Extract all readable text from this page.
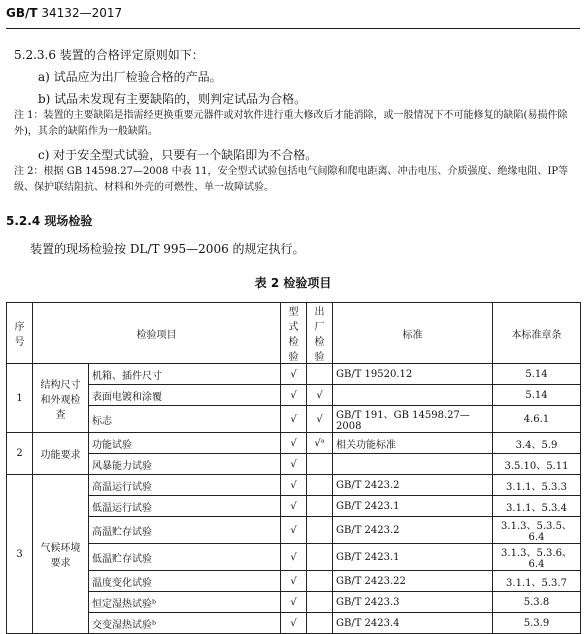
GB/T 34132—2017
5.2.3.6 装置的合格评定原则如下：
a) 试品应为出厂检验合格的产品。
b) 试品未发现有主要缺陷的，则判定试品为合格。
注 1：装置的主要缺陷是指需经更换重要元器件或对软件进行重大修改后才能消除，或一般情况下不可能修复的缺陷(易损件除外)，其余的缺陷作为一般缺陷。
c) 对于安全型式试验，只要有一个缺陷即为不合格。
注 2：根据 GB 14598.27—2008 中表 11，安全型式试验包括电气间隙和爬电距离、冲击电压、介质强度、绝缘电阻、IP等级、保护联结阻抗、材料和外壳的可燃性、单一故障试验。
5.2.4 现场检验
装置的现场检验按 DL/T 995—2006 的规定执行。
表 2 检验项目
序号	检验项目		型式检验	出厂检验	标准	本标准章条
1	结构尺寸和外观检查	机箱、插件尺寸	√		GB/T 19520.12	5.14
		表面电镀和涂覆	√	√		5.14
		标志	√	√	GB/T 191、GB 14598.27—2008	4.6.1
2	功能要求	功能试验	√	√ᵃ	相关功能标准	3.4、5.9
		风暴能力试验	√			3.5.10、5.11
3	气候环境要求	高温运行试验	√		GB/T 2423.2	3.1.1、5.3.3
		低温运行试验	√		GB/T 2423.1	3.1.1、5.3.4
		高温贮存试验	√		GB/T 2423.2	3.1.3、5.3.5、6.4
		低温贮存试验	√		GB/T 2423.1	3.1.3、5.3.6、6.4
		温度变化试验	√		GB/T 2423.22	3.1.1、5.3.7
		恒定湿热试验ᵇ	√		GB/T 2423.3	5.3.8
		交变湿热试验ᵇ	√		GB/T 2423.4	5.3.9
